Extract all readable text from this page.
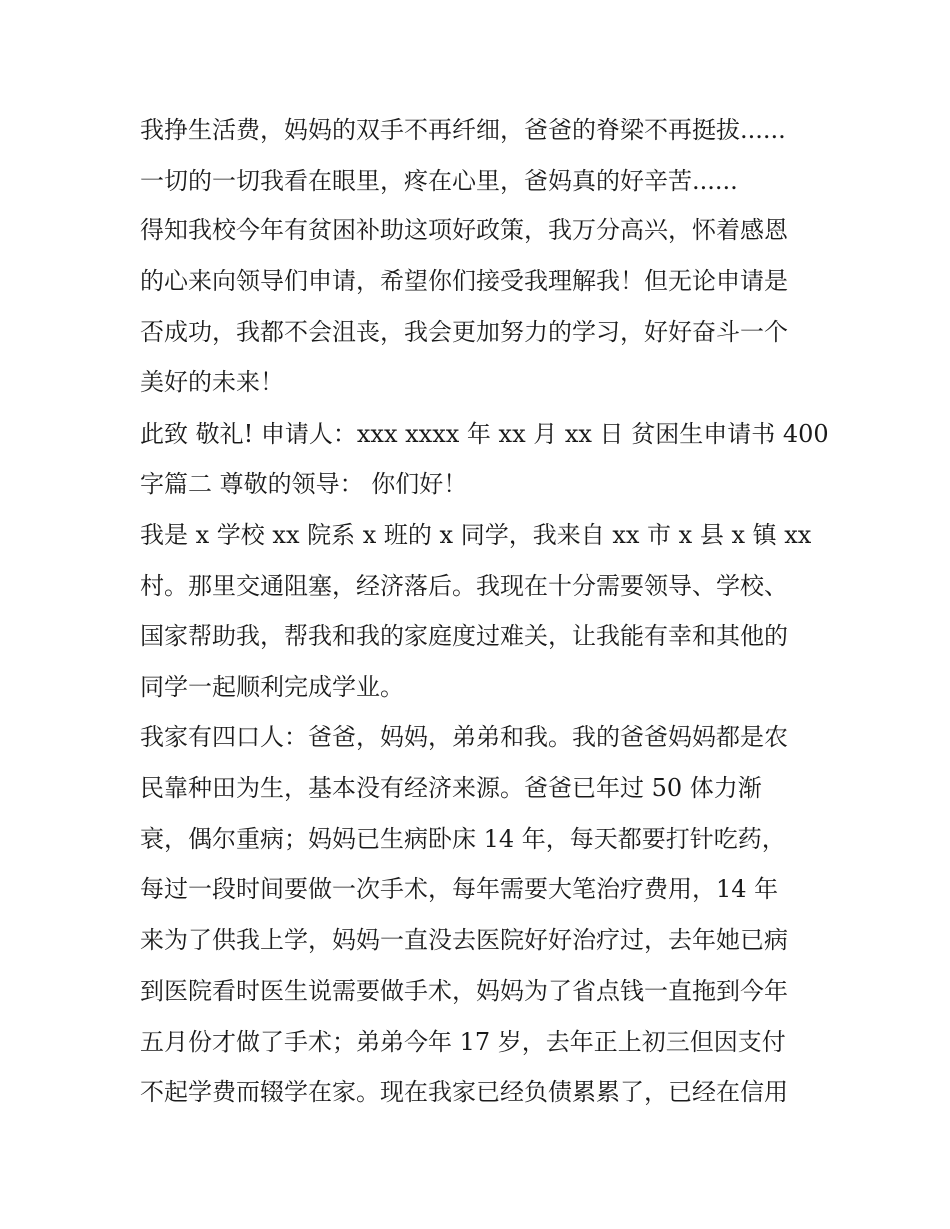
我挣生活费，妈妈的双手不再纤细，爸爸的脊梁不再挺拔......
一切的一切我看在眼里，疼在心里，爸妈真的好辛苦......
得知我校今年有贫困补助这项好政策，我万分高兴，怀着感恩
的心来向领导们申请，希望你们接受我理解我！但无论申请是
否成功，我都不会沮丧，我会更加努力的学习，好好奋斗一个
美好的未来！
此致 敬礼! 申请人：xxx xxxx 年 xx 月 xx 日 贫困生申请书 400
字篇二 尊敬的领导： 你们好！
我是 x 学校 xx 院系 x 班的 x 同学，我来自 xx 市 x 县 x 镇 xx
村。那里交通阻塞，经济落后。我现在十分需要领导、学校、
国家帮助我，帮我和我的家庭度过难关，让我能有幸和其他的
同学一起顺利完成学业。
我家有四口人：爸爸，妈妈，弟弟和我。我的爸爸妈妈都是农
民靠种田为生，基本没有经济来源。爸爸已年过 50 体力渐
衰，偶尔重病；妈妈已生病卧床 14 年，每天都要打针吃药，
每过一段时间要做一次手术，每年需要大笔治疗费用，14 年
来为了供我上学，妈妈一直没去医院好好治疗过，去年她已病
到医院看时医生说需要做手术，妈妈为了省点钱一直拖到今年
五月份才做了手术；弟弟今年 17 岁，去年正上初三但因支付
不起学费而辍学在家。现在我家已经负债累累了，已经在信用
